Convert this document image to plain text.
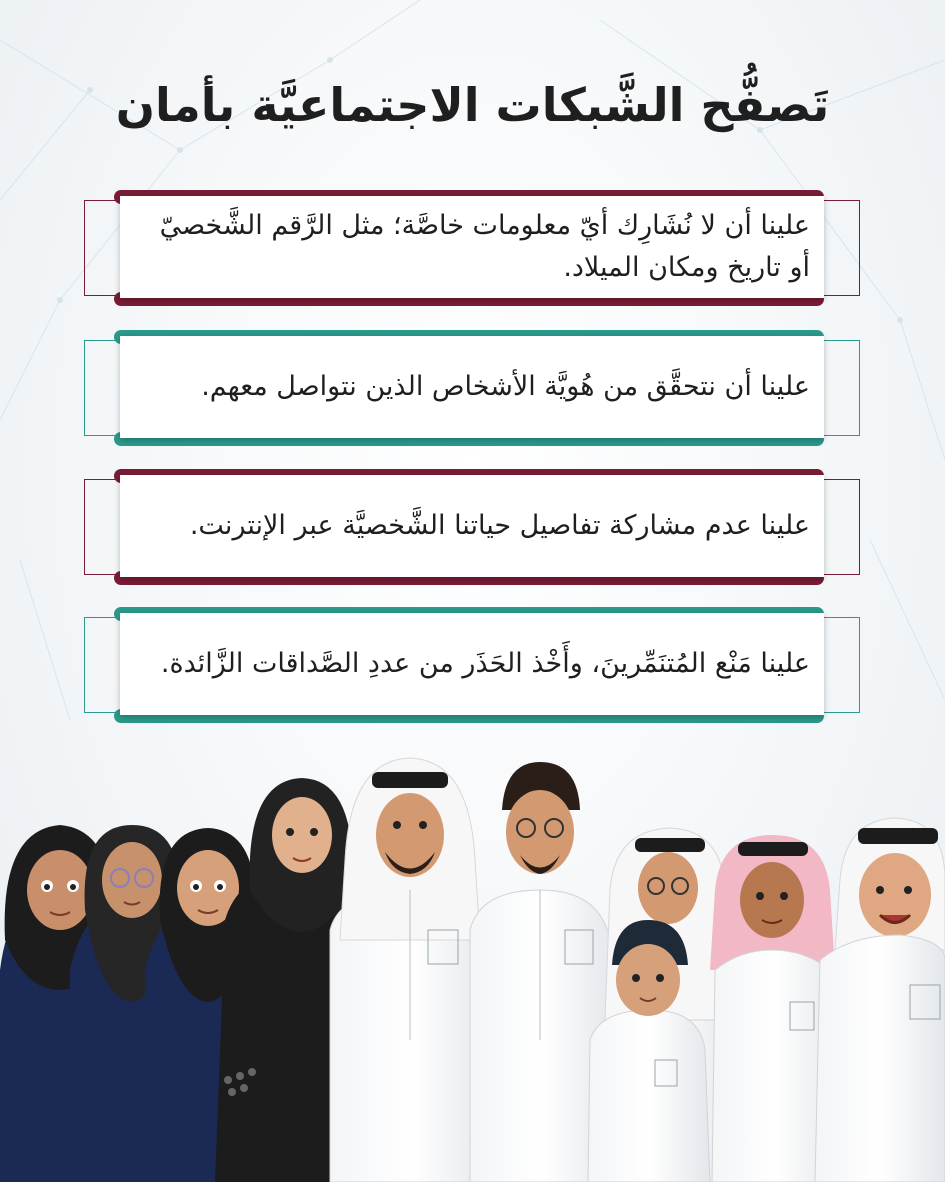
تَصفُّح الشَّبكات الاجتماعيَّة بأمان
علينا أن لا نُشَارِك أيّ معلومات خاصَّة؛ مثل الرَّقم الشَّخصيّ أو تاريخ ومكان الميلاد.
علينا أن نتحقَّق من هُويَّة الأشخاص الذين نتواصل معهم.
علينا عدم مشاركة تفاصيل حياتنا الشَّخصيَّة عبر الإنترنت.
علينا مَنْع المُتنَمِّرينَ، وأَخْذ الحَذَر من عددِ الصَّداقات الزَّائدة.
